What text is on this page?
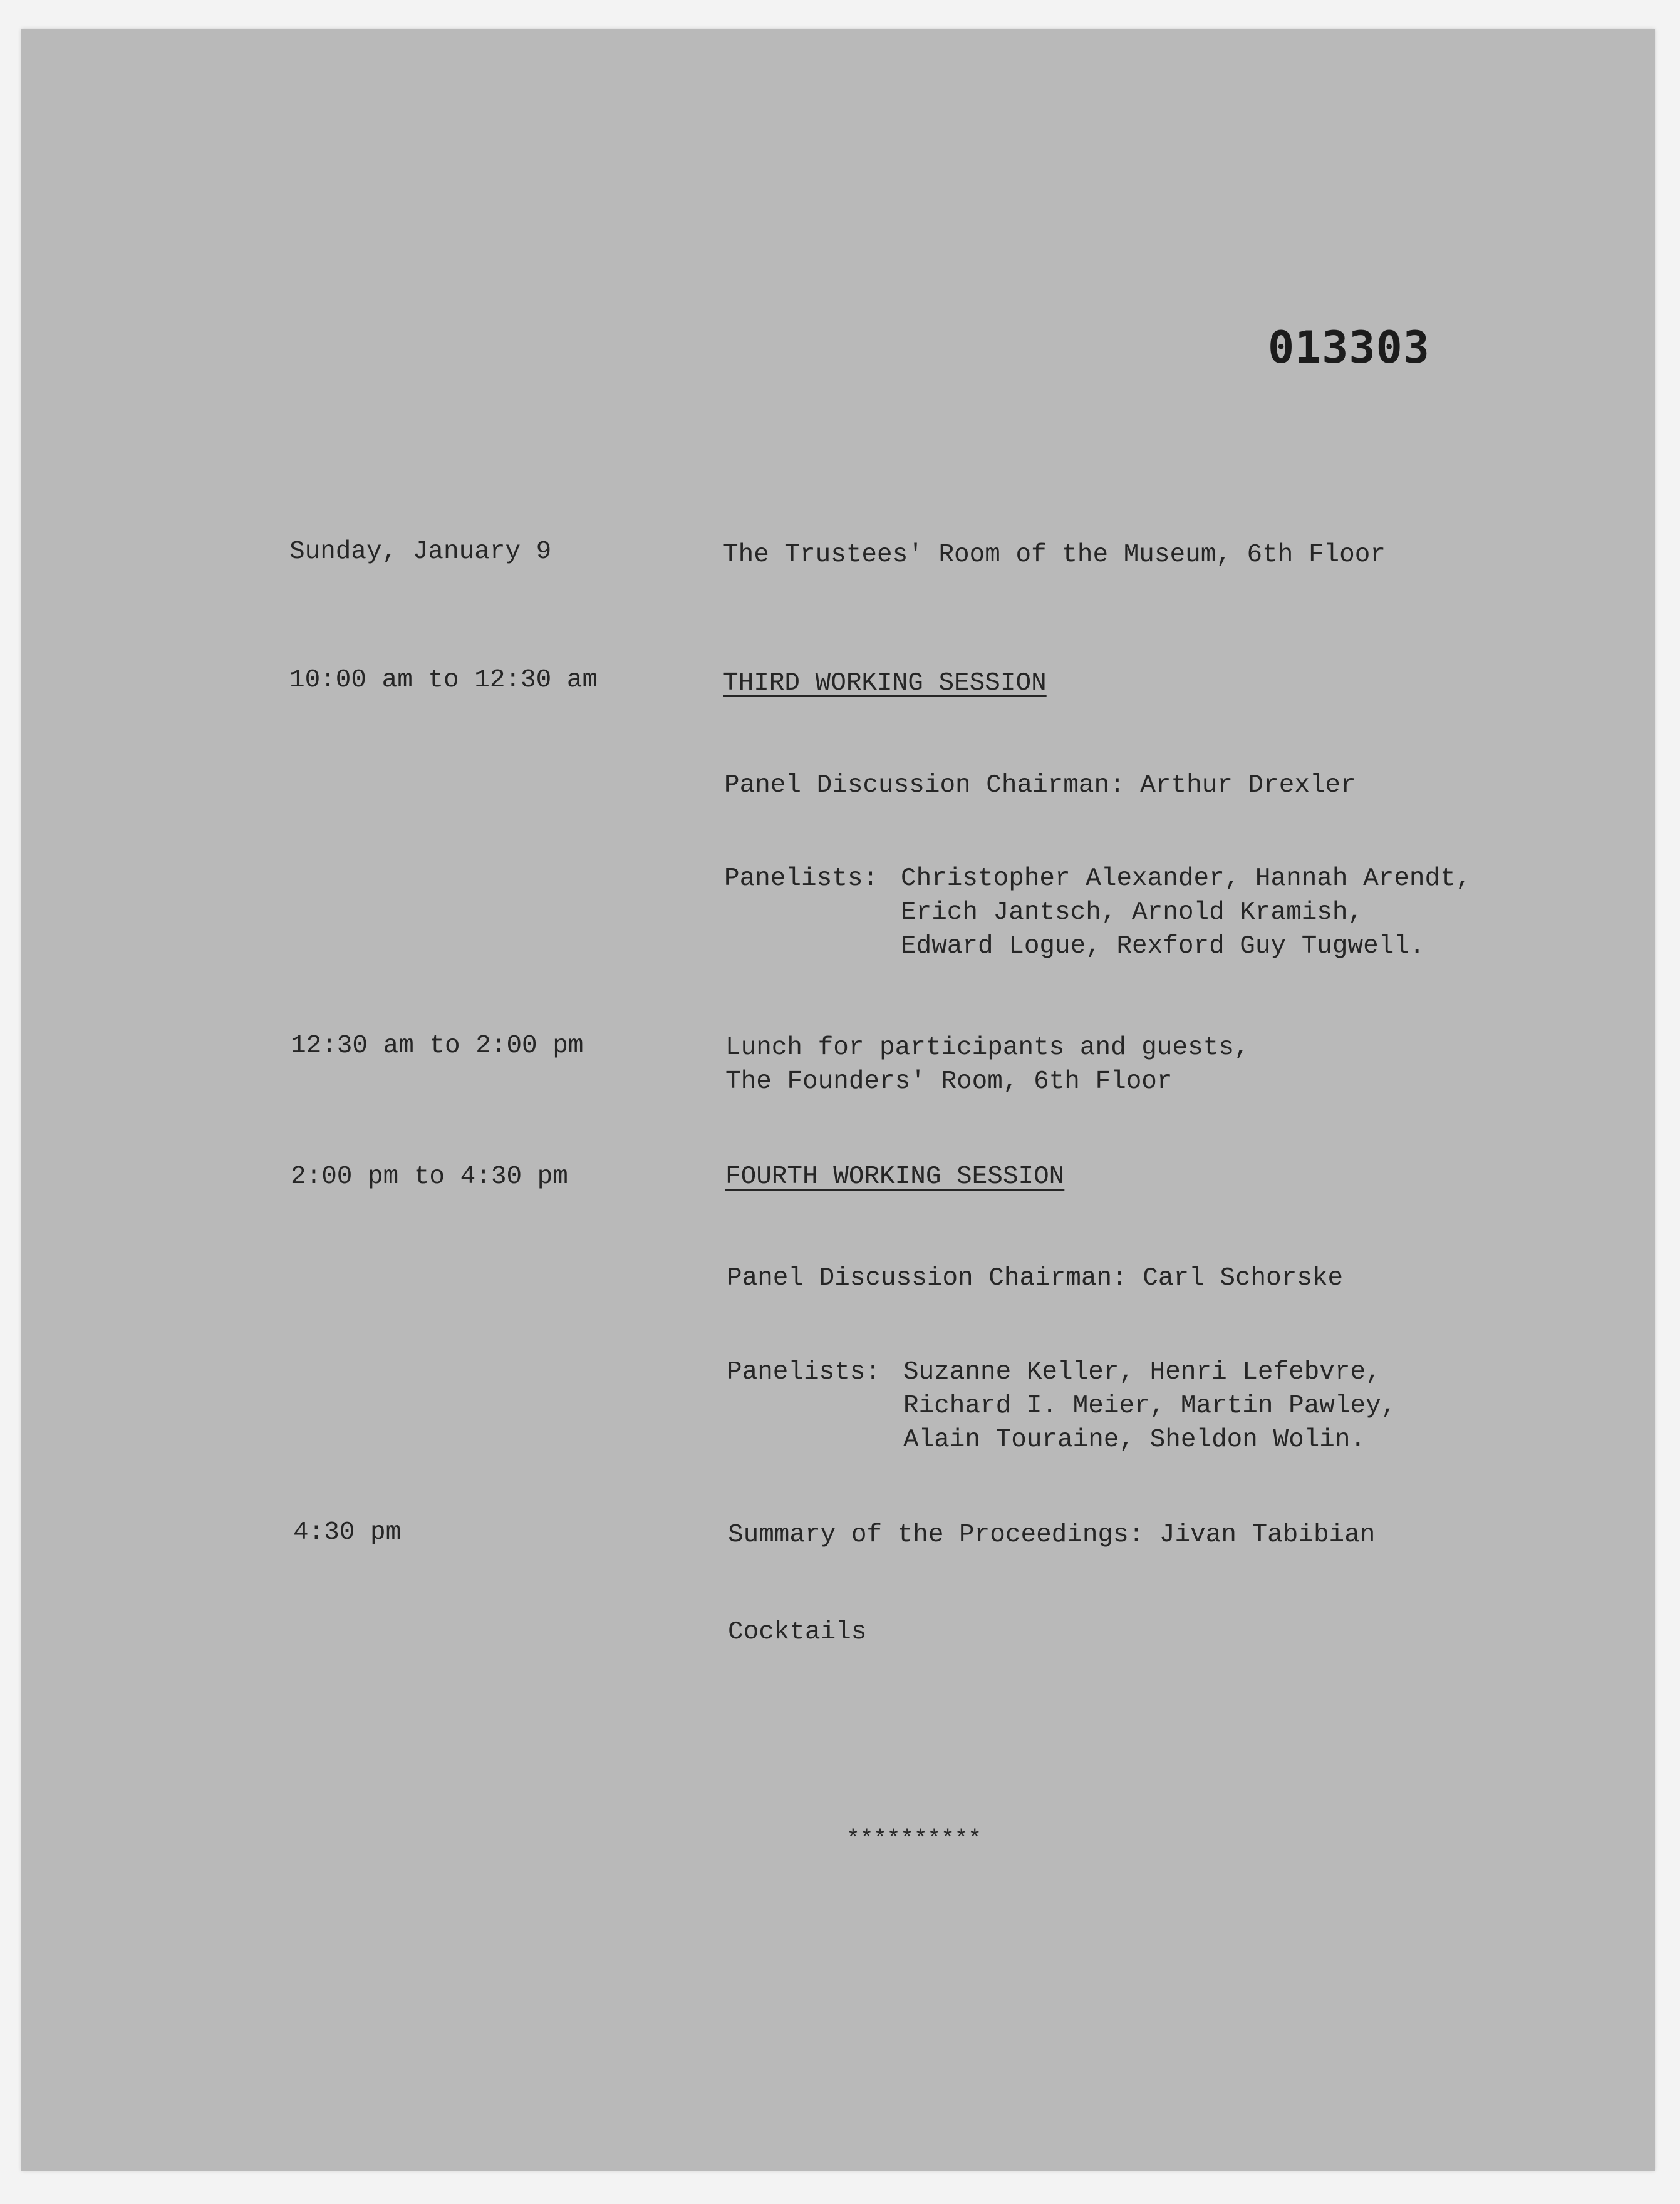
013303
Sunday, January 9	The Trustees' Room of the Museum, 6th Floor
10:00 am to 12:30 am	THIRD WORKING SESSION
Panel Discussion Chairman: Arthur Drexler
Panelists: Christopher Alexander, Hannah Arendt,
Erich Jantsch, Arnold Kramish,
Edward Logue, Rexford Guy Tugwell.
12:30 am to 2:00 pm	Lunch for participants and guests,
The Founders' Room, 6th Floor
2:00 pm to 4:30 pm	FOURTH WORKING SESSION
Panel Discussion Chairman: Carl Schorske
Panelists: Suzanne Keller, Henri Lefebvre,
Richard I. Meier, Martin Pawley,
Alain Touraine, Sheldon Wolin.
4:30 pm	Summary of the Proceedings: Jivan Tabibian
Cocktails
**********
